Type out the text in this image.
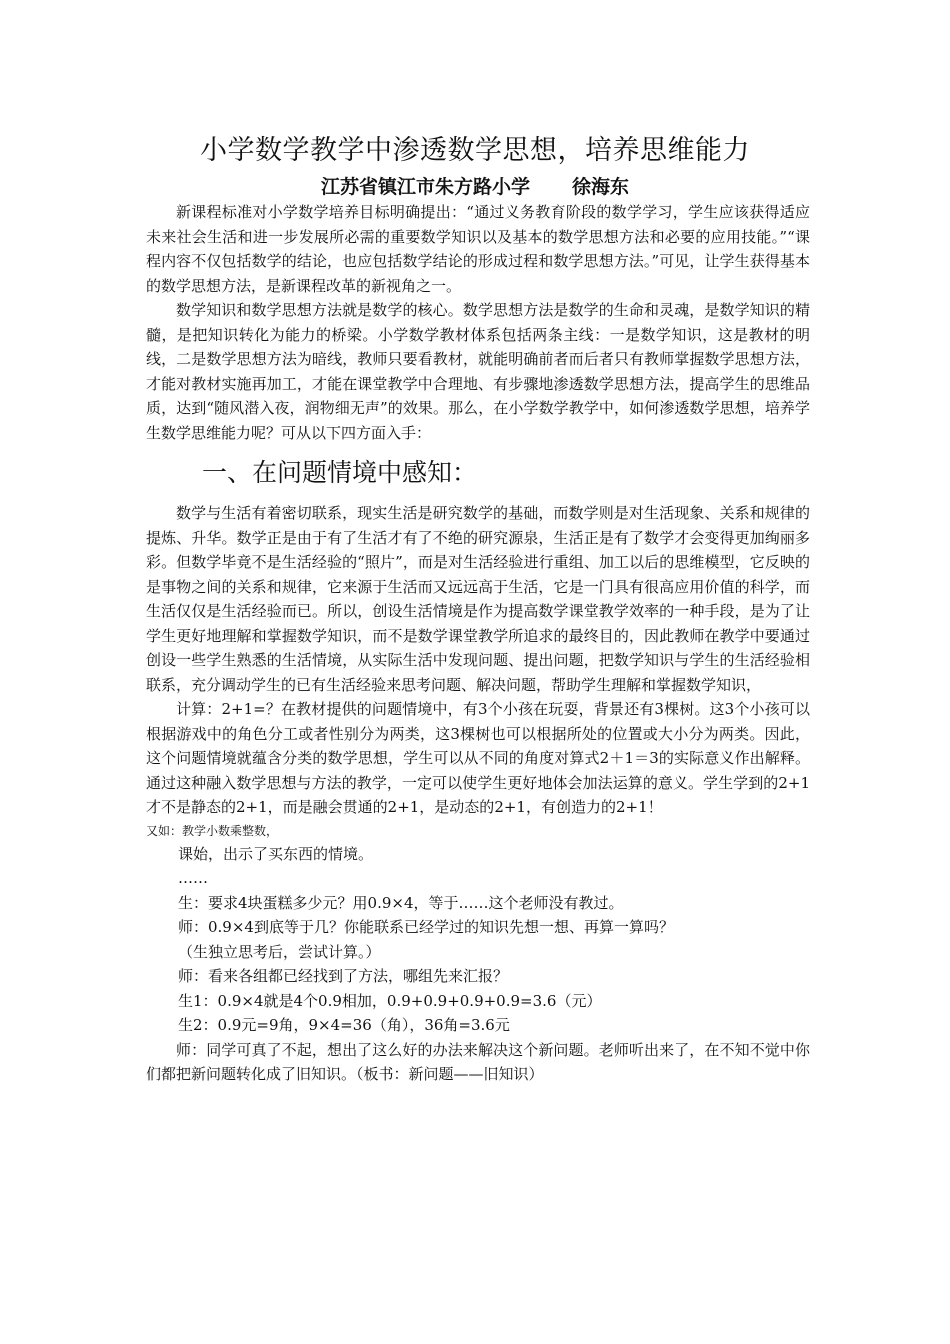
小学数学教学中渗透数学思想，培养思维能力
江苏省镇江市朱方路小学 徐海东

新课程标准对小学数学培养目标明确提出：“通过义务教育阶段的数学学习，学生应该获得适应未来社会生活和进一步发展所必需的重要数学知识以及基本的数学思想方法和必要的应用技能。”“课程内容不仅包括数学的结论，也应包括数学结论的形成过程和数学思想方法。”可见，让学生获得基本的数学思想方法，是新课程改革的新视角之一。

数学知识和数学思想方法就是数学的核心。数学思想方法是数学的生命和灵魂，是数学知识的精髓，是把知识转化为能力的桥梁。小学数学教材体系包括两条主线：一是数学知识，这是教材的明线，二是数学思想方法为暗线，教师只要看教材，就能明确前者而后者只有教师掌握数学思想方法，才能对教材实施再加工，才能在课堂教学中合理地、有步骤地渗透数学思想方法，提高学生的思维品质，达到“随风潜入夜，润物细无声”的效果。那么，在小学数学教学中，如何渗透数学思想，培养学生数学思维能力呢？可从以下四方面入手：

一、在问题情境中感知：

数学与生活有着密切联系，现实生活是研究数学的基础，而数学则是对生活现象、关系和规律的提炼、升华。数学正是由于有了生活才有了不绝的研究源泉，生活正是有了数学才会变得更加绚丽多彩。但数学毕竟不是生活经验的“照片”，而是对生活经验进行重组、加工以后的思维模型，它反映的是事物之间的关系和规律，它来源于生活而又远远高于生活，它是一门具有很高应用价值的科学，而生活仅仅是生活经验而已。所以，创设生活情境是作为提高数学课堂教学效率的一种手段，是为了让学生更好地理解和掌握数学知识，而不是数学课堂教学所追求的最终目的，因此教师在教学中要通过创设一些学生熟悉的生活情境，从实际生活中发现问题、提出问题，把数学知识与学生的生活经验相联系，充分调动学生的已有生活经验来思考问题、解决问题，帮助学生理解和掌握数学知识，

计算：2+1=？在教材提供的问题情境中，有3个小孩在玩耍，背景还有3棵树。这3个小孩可以根据游戏中的角色分工或者性别分为两类，这3棵树也可以根据所处的位置或大小分为两类。因此，这个问题情境就蕴含分类的数学思想，学生可以从不同的角度对算式2＋1＝3的实际意义作出解释。通过这种融入数学思想与方法的教学，一定可以使学生更好地体会加法运算的意义。学生学到的2+1才不是静态的2+1，而是融会贯通的2+1，是动态的2+1，有创造力的2+1！

又如：教学小数乘整数，

课始，出示了买东西的情境。

……

生：要求4块蛋糕多少元？用0.9×4，等于……这个老师没有教过。

师：0.9×4到底等于几？你能联系已经学过的知识先想一想、再算一算吗？

（生独立思考后，尝试计算。）

师：看来各组都已经找到了方法，哪组先来汇报？

生1：0.9×4就是4个0.9相加，0.9+0.9+0.9+0.9=3.6（元）

生2：0.9元=9角，9×4=36（角），36角=3.6元

师：同学可真了不起，想出了这么好的办法来解决这个新问题。老师听出来了，在不知不觉中你们都把新问题转化成了旧知识。（板书：新问题——旧知识）
